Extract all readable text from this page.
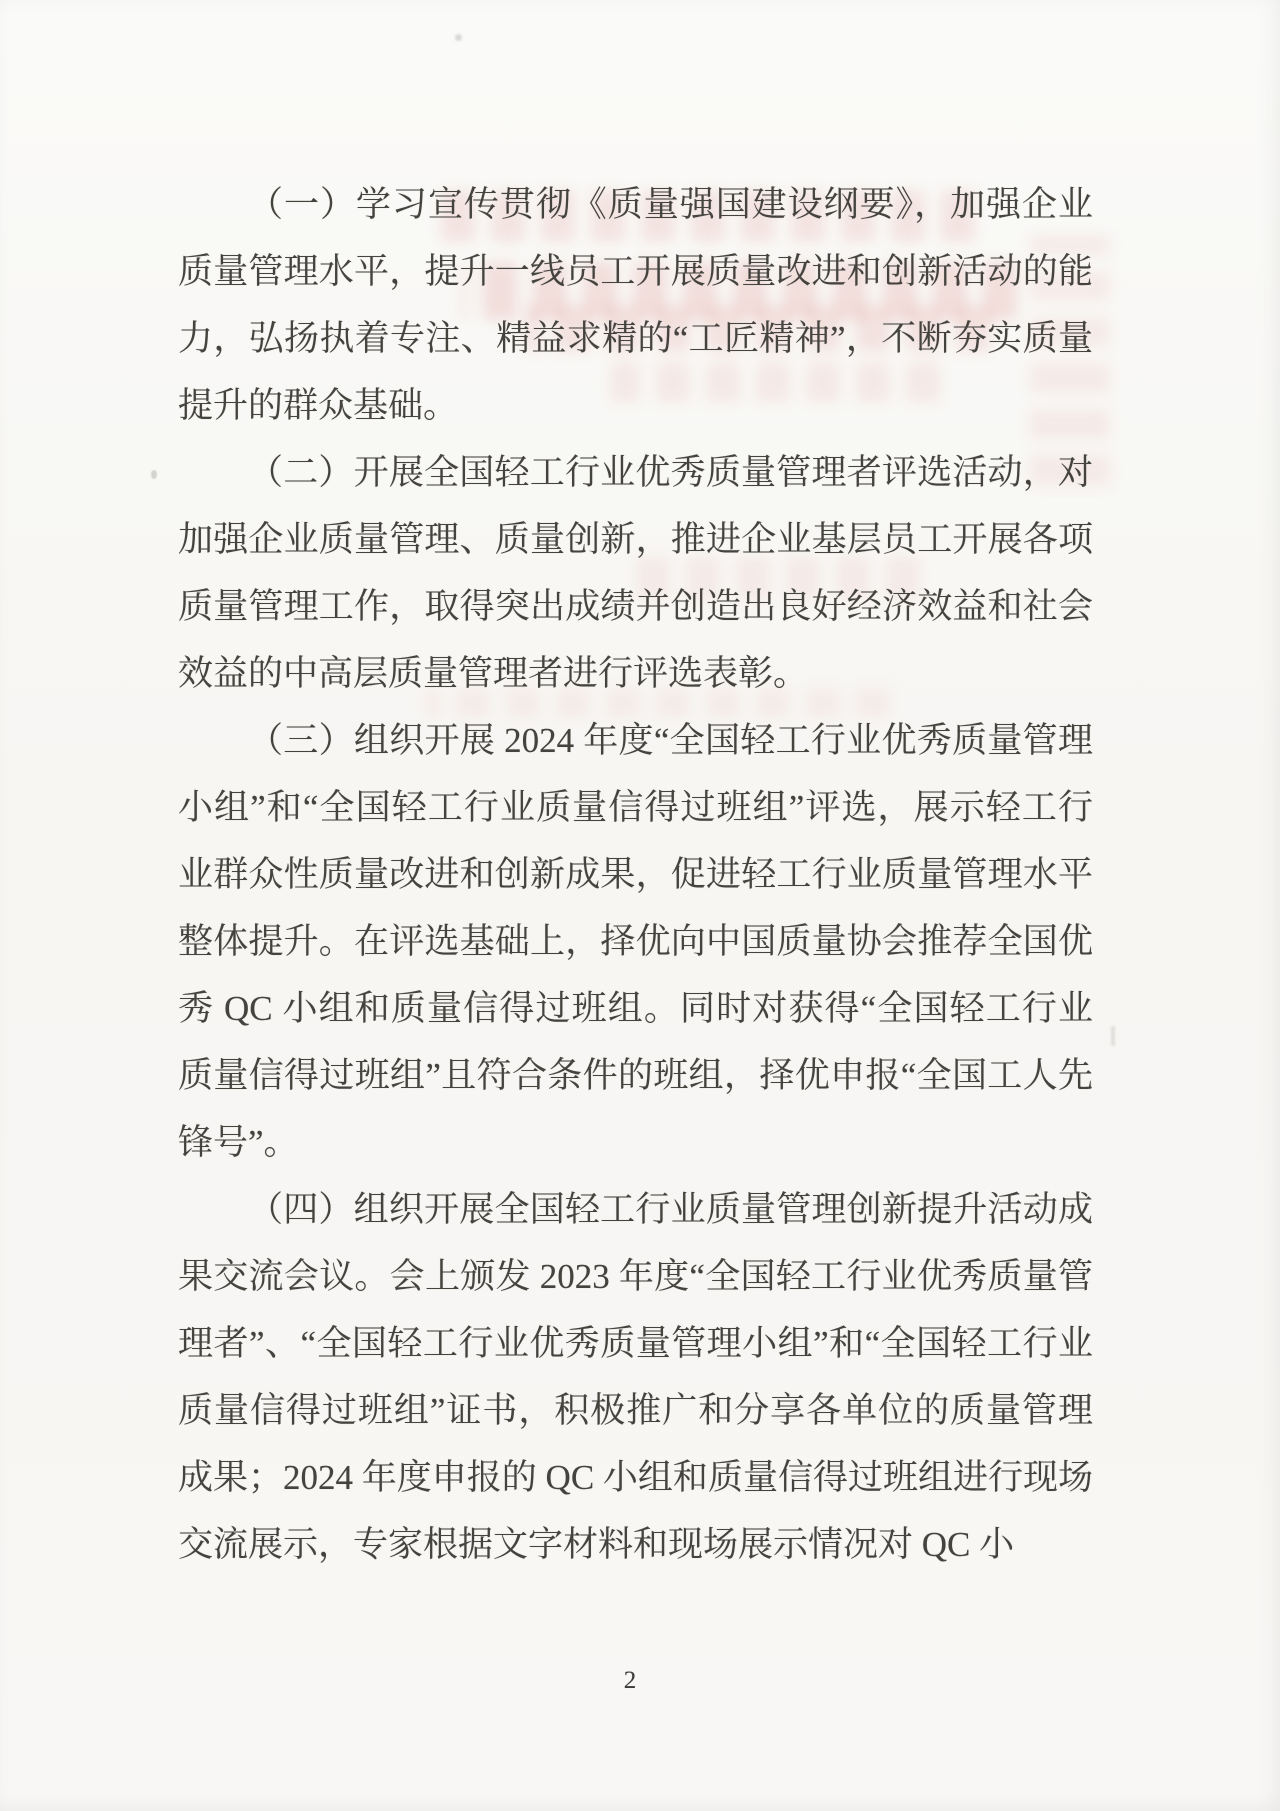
（一）学习宣传贯彻《质量强国建设纲要》，加强企业质量管理水平，提升一线员工开展质量改进和创新活动的能力，弘扬执着专注、精益求精的“工匠精神”，不断夯实质量提升的群众基础。

（二）开展全国轻工行业优秀质量管理者评选活动，对加强企业质量管理、质量创新，推进企业基层员工开展各项质量管理工作，取得突出成绩并创造出良好经济效益和社会效益的中高层质量管理者进行评选表彰。

（三）组织开展 2024 年度“全国轻工行业优秀质量管理小组”和“全国轻工行业质量信得过班组”评选，展示轻工行业群众性质量改进和创新成果，促进轻工行业质量管理水平整体提升。在评选基础上，择优向中国质量协会推荐全国优秀 QC 小组和质量信得过班组。同时对获得“全国轻工行业质量信得过班组”且符合条件的班组，择优申报“全国工人先锋号”。

（四）组织开展全国轻工行业质量管理创新提升活动成果交流会议。会上颁发 2023 年度“全国轻工行业优秀质量管理者”、“全国轻工行业优秀质量管理小组”和“全国轻工行业质量信得过班组”证书，积极推广和分享各单位的质量管理成果；2024 年度申报的 QC 小组和质量信得过班组进行现场交流展示，专家根据文字材料和现场展示情况对 QC 小

2
